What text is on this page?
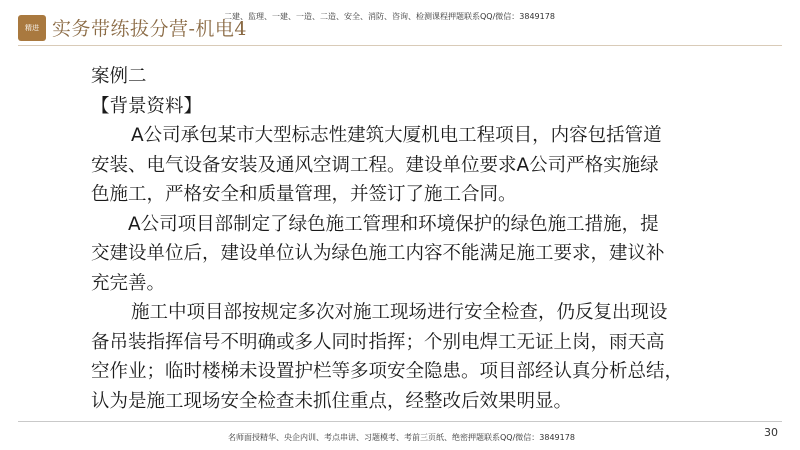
精进 实务带练拔分营-机电4
二建、监理、一建、一造、二造、安全、消防、咨询、检测课程押题联系QQ/微信：3849178
案例二
【背景资料】
A公司承包某市大型标志性建筑大厦机电工程项目，内容包括管道
安装、电气设备安装及通风空调工程。建设单位要求A公司严格实施绿
色施工，严格安全和质量管理，并签订了施工合同。
A公司项目部制定了绿色施工管理和环境保护的绿色施工措施，提
交建设单位后，建设单位认为绿色施工内容不能满足施工要求，建议补
充完善。
施工中项目部按规定多次对施工现场进行安全检查，仍反复出现设
备吊装指挥信号不明确或多人同时指挥；个别电焊工无证上岗，雨天高
空作业；临时楼梯未设置护栏等多项安全隐患。项目部经认真分析总结，
认为是施工现场安全检查未抓住重点，经整改后效果明显。
30
名师面授精华、央企内训、考点串讲、习题模考、考前三页纸、绝密押题联系QQ/微信：3849178
